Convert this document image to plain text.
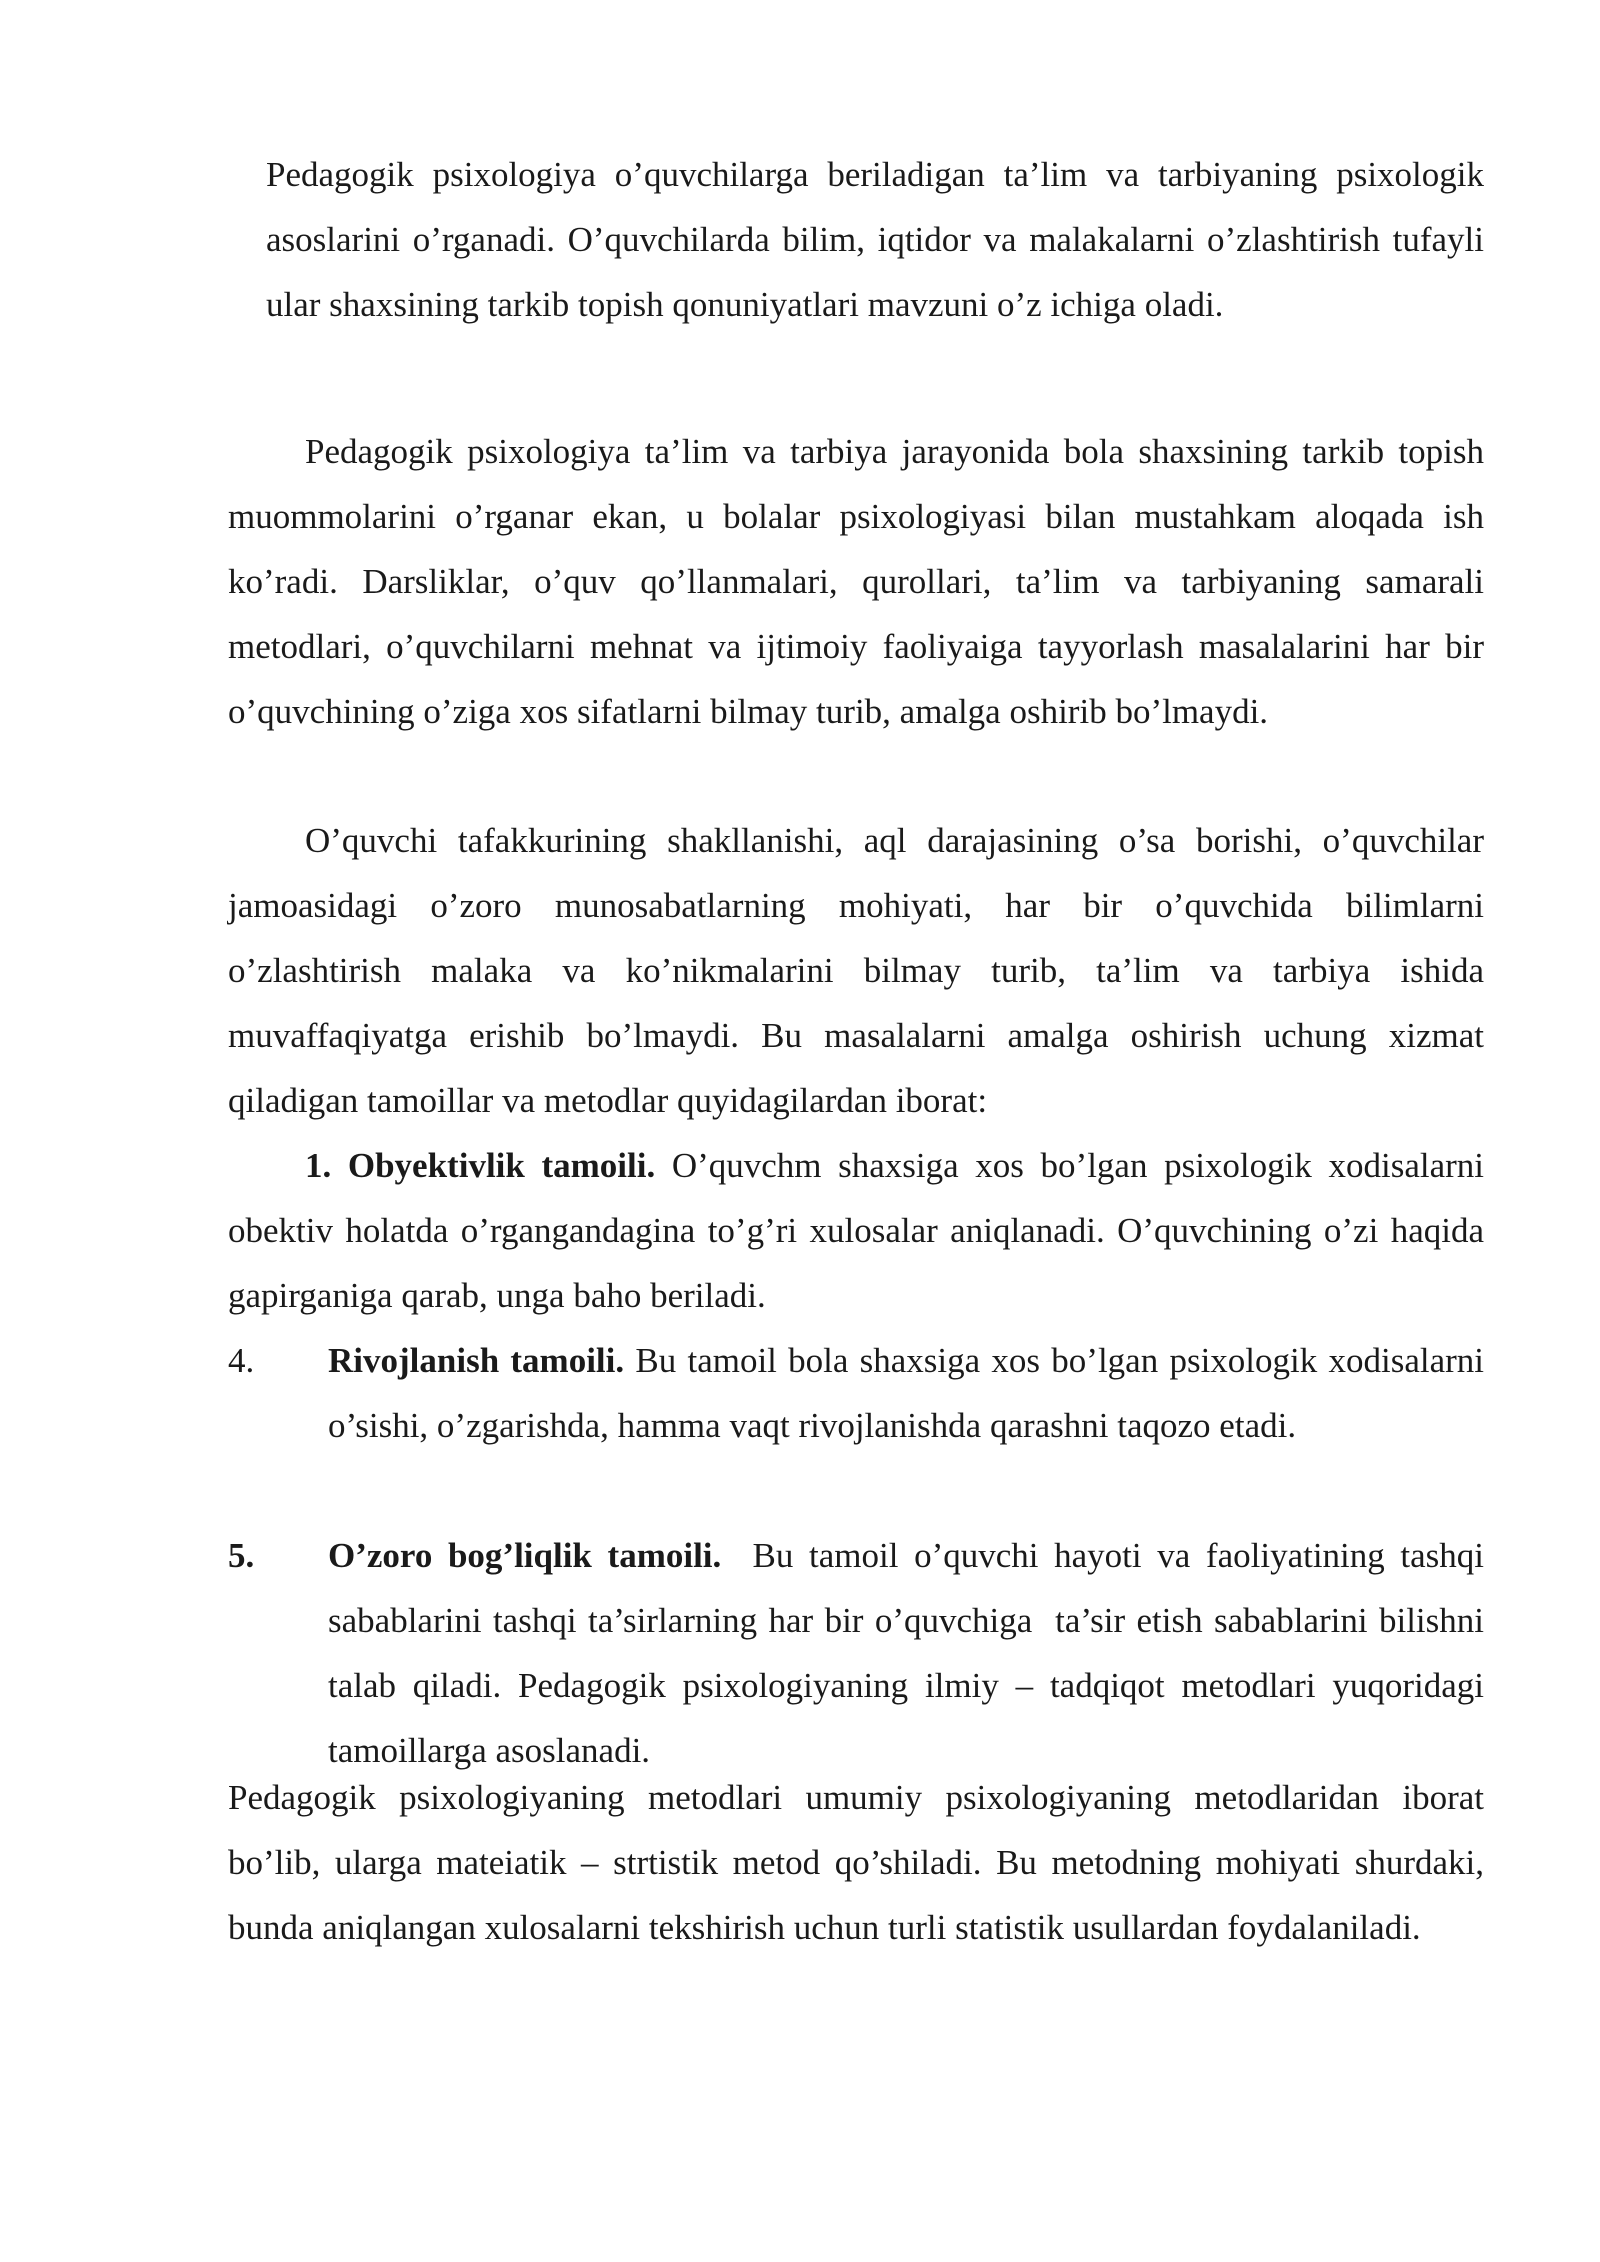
Pedagogik psixologiya o’quvchilarga beriladigan ta’lim va tarbiyaning psixologik asoslarini o’rganadi. O’quvchilarda bilim, iqtidor va malakalarni o’zlashtirish tufayli ular shaxsining tarkib topish qonuniyatlari mavzuni o’z ichiga oladi.

Pedagogik psixologiya ta’lim va tarbiya jarayonida bola shaxsining tarkib topish muommolarini o’rganar ekan, u bolalar psixologiyasi bilan mustahkam aloqada ish ko’radi. Darsliklar, o’quv qo’llanmalari, qurollari, ta’lim va tarbiyaning samarali metodlari, o’quvchilarni mehnat va ijtimoiy faoliyaiga tayyorlash masalalarini har bir o’quvchining o’ziga xos sifatlarni bilmay turib, amalga oshirib bo’lmaydi.

O’quvchi tafakkurining shakllanishi, aql darajasining o’sa borishi, o’quvchilar jamoasidagi o’zoro munosabatlarning mohiyati, har bir o’quvchida bilimlarni o’zlashtirish malaka va ko’nikmalarini bilmay turib, ta’lim va tarbiya ishida muvaffaqiyatga erishib bo’lmaydi. Bu masalalarni amalga oshirish uchung xizmat qiladigan tamoillar va metodlar quyidagilardan iborat:

1. Obyektivlik tamoili. O’quvchm shaxsiga xos bo’lgan psixologik xodisalarni obektiv holatda o’rgangandagina to’g’ri xulosalar aniqlanadi. O’quvchining o’zi haqida gapirganiga qarab, unga baho beriladi.

4. Rivojlanish tamoili. Bu tamoil bola shaxsiga xos bo’lgan psixologik xodisalarni o’sishi, o’zgarishda, hamma vaqt rivojlanishda qarashni taqozo etadi.
5. O’zoro bog’liqlik tamoili.  Bu tamoil o’quvchi hayoti va faoliyatining tashqi sabablarini tashqi ta’sirlarning har bir o’quvchiga  ta’sir etish sabablarini bilishni talab qiladi. Pedagogik psixologiyaning ilmiy – tadqiqot metodlari yuqoridagi tamoillarga asoslanadi.

Pedagogik psixologiyaning metodlari umumiy psixologiyaning metodlaridan iborat bo’lib, ularga mateiatik – strtistik metod qo’shiladi. Bu metodning mohiyati shurdaki, bunda aniqlangan xulosalarni tekshirish uchun turli statistik usullardan foydalaniladi.
